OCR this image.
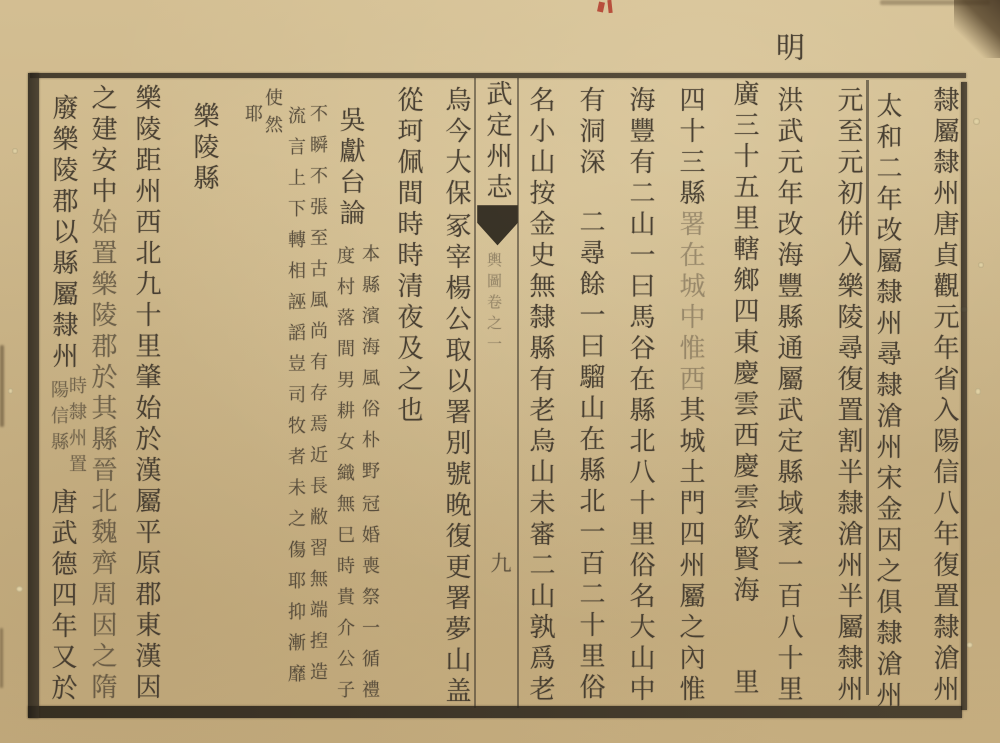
明
隸屬隸州唐貞觀元年省入陽信八年復置隸滄州
太和二年改屬隸州尋隸滄州宋金因之俱隸滄州
元至元初併入樂陵尋復置割半隸滄州半屬隸州
洪武元年改海豐縣通屬武定縣域袤一百八十里
廣三十五里轄鄉四東慶雲西慶雲欽賢海
里
四十三縣署在城中惟西其城土門四州屬之內惟
海豐有二山一曰馬谷在縣北八十里俗名大山中
有洞深
二尋餘一曰騮山在縣北一百二十里俗
名小山按金史無隸縣有老烏山未審二山孰爲老
武定州志
輿圖卷之一
九
烏今大保
冢宰楊公取以署別號晚復更署夢山盖
從珂佩間時時清夜及之也
吳獻台論
本縣濱海風俗朴野
冠婚喪祭一循禮
度村落間男耕女織無巳時貴介公子
不瞬不張至古風尚有存焉近長敝習無端揑造
流言上下轉相誣謟豈司牧者未之傷耶抑漸靡
使然
耶
樂陵縣
樂陵距州西北九十里肇始於漢屬平原郡東漢因
之建安中
始置樂陵郡於其縣晉北魏齊周因之隋
廢樂陵郡以縣屬隸州
時隸州置
陽信縣
唐武德四年又於
